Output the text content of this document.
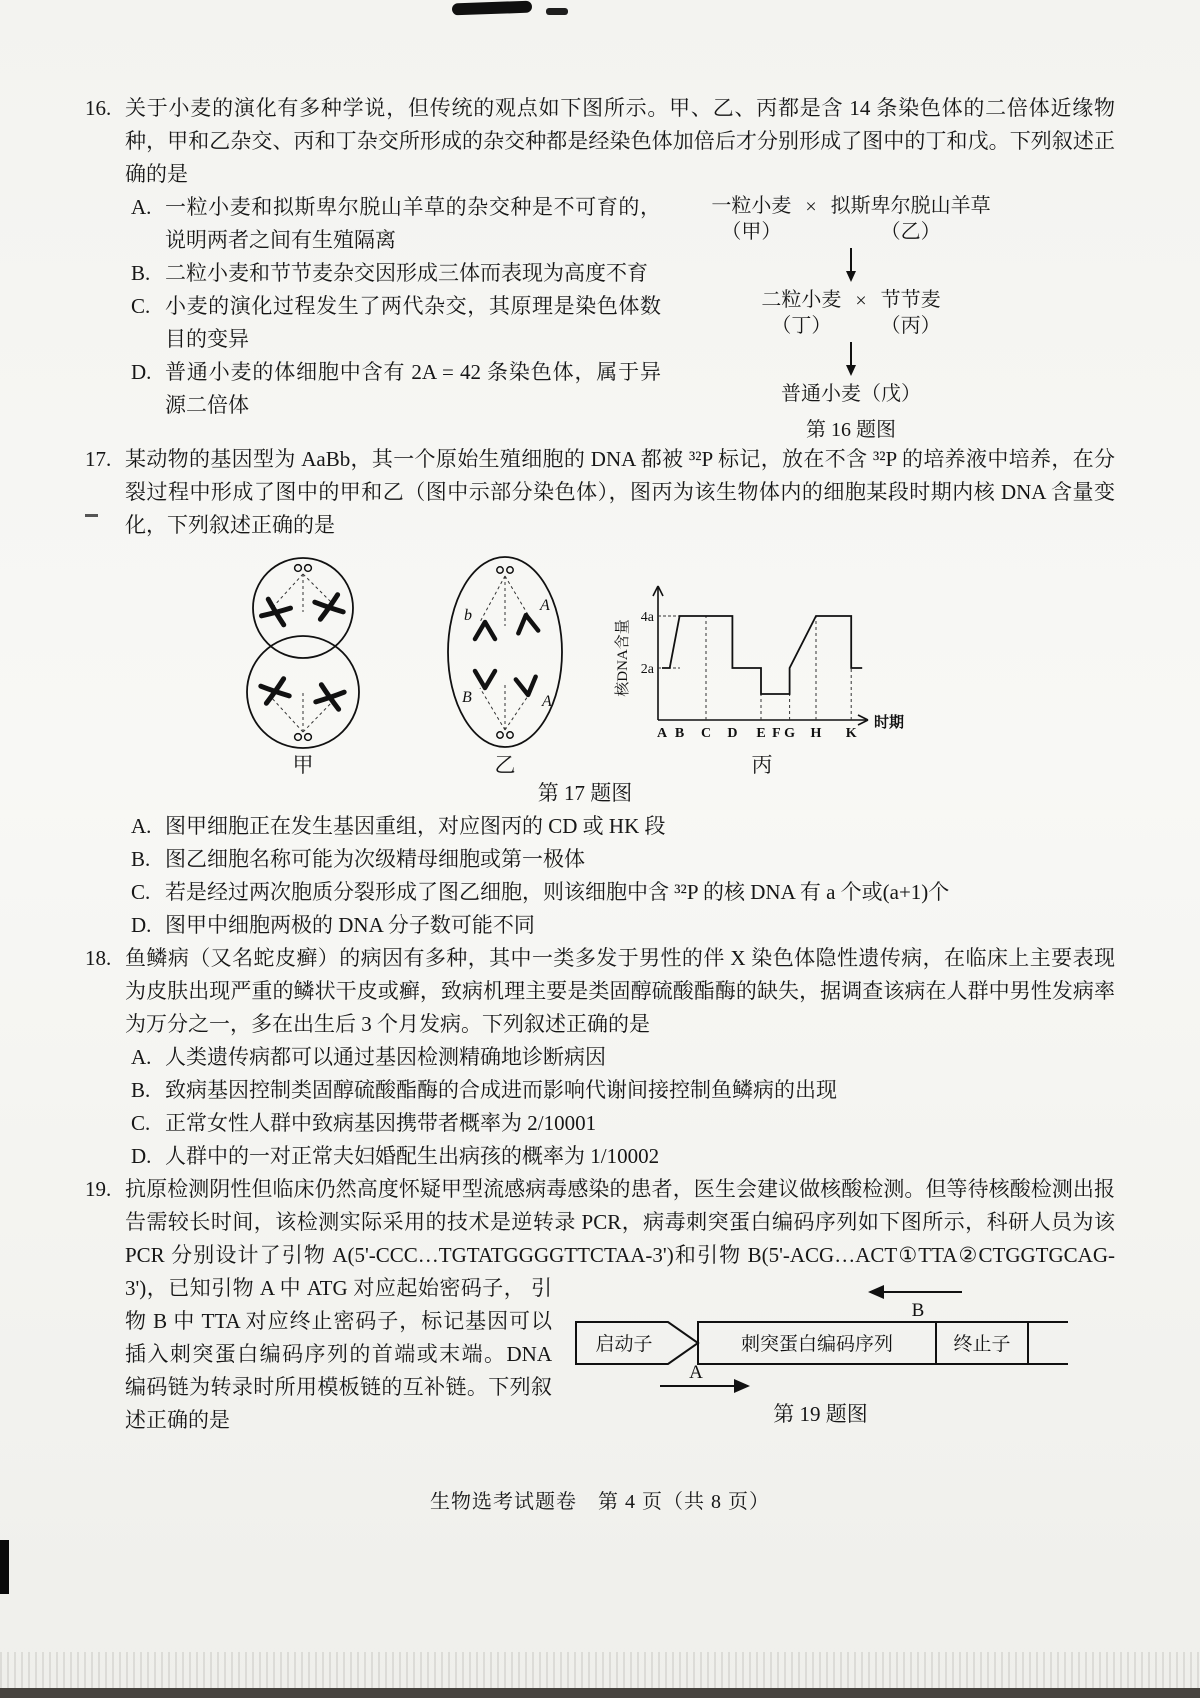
16. 关于小麦的演化有多种学说，但传统的观点如下图所示。甲、乙、丙都是含 14 条染色体的二倍体近缘物种，甲和乙杂交、丙和丁杂交所形成的杂交种都是经染色体加倍后才分别形成了图中的丁和戊。下列叙述正确的是

一粒小麦
（甲）
× 拟斯卑尔脱山羊草
（乙）
二粒小麦
（丁）
× 节节麦
（丙）
普通小麦（戊）
第 16 题图
A. 一粒小麦和拟斯卑尔脱山羊草的杂交种是不可育的，说明两者之间有生殖隔离
B. 二粒小麦和节节麦杂交因形成三体而表现为高度不育
C. 小麦的演化过程发生了两代杂交，其原理是染色体数目的变异
D. 普通小麦的体细胞中含有 2A = 42 条染色体，属于异源二倍体
17. 某动物的基因型为 AaBb，其一个原始生殖细胞的 DNA 都被 ³²P 标记，放在不含 ³²P 的培养液中培养，在分裂过程中形成了图中的甲和乙（图中示部分染色体），图丙为该生物体内的细胞某段时期内核 DNA 含量变化，下列叙述正确的是

甲
b
A
B	A
乙
核DNA含量
时期
4a
2a
A B C D E F G H K
丙
第 17 题图
A. 图甲细胞正在发生基因重组，对应图丙的 CD 或 HK 段
B. 图乙细胞名称可能为次级精母细胞或第一极体
C. 若是经过两次胞质分裂形成了图乙细胞，则该细胞中含 ³²P 的核 DNA 有 a 个或(a+1)个
D. 图甲中细胞两极的 DNA 分子数可能不同
18. 鱼鳞病（又名蛇皮癣）的病因有多种，其中一类多发于男性的伴 X 染色体隐性遗传病，在临床上主要表现为皮肤出现严重的鳞状干皮或癣，致病机理主要是类固醇硫酸酯酶的缺失，据调查该病在人群中男性发病率为万分之一，多在出生后 3 个月发病。下列叙述正确的是

A. 人类遗传病都可以通过基因检测精确地诊断病因
B. 致病基因控制类固醇硫酸酯酶的合成进而影响代谢间接控制鱼鳞病的出现
C. 正常女性人群中致病基因携带者概率为 2/10001
D. 人群中的一对正常夫妇婚配生出病孩的概率为 1/10002
19. 抗原检测阴性但临床仍然高度怀疑甲型流感病毒感染的患者，医生会建议做核酸检测。但等待核酸检测出报告需较长时间，该检测实际采用的技术是逆转录 PCR，病毒刺突蛋白编码序列如下图所示，科研人员为该 PCR 分别设计了引物 A(5'-CCC…TGTATGGGGTTCTAA-3')和引物 B(5'-ACG…ACT①TTA②CTGGTGCAG-3')，已知引物 A 中 ATG 对应起始密码子，
B
启动子	刺突蛋白编码序列	终止子
A
第 19 题图
引物 B 中 TTA 对应终止密码子，标记基因可以插入刺突蛋白编码序列的首端或末端。DNA 编码链为转录时所用模板链的互补链。下列叙述正确的是

生物选考试题卷　第 4 页（共 8 页）
